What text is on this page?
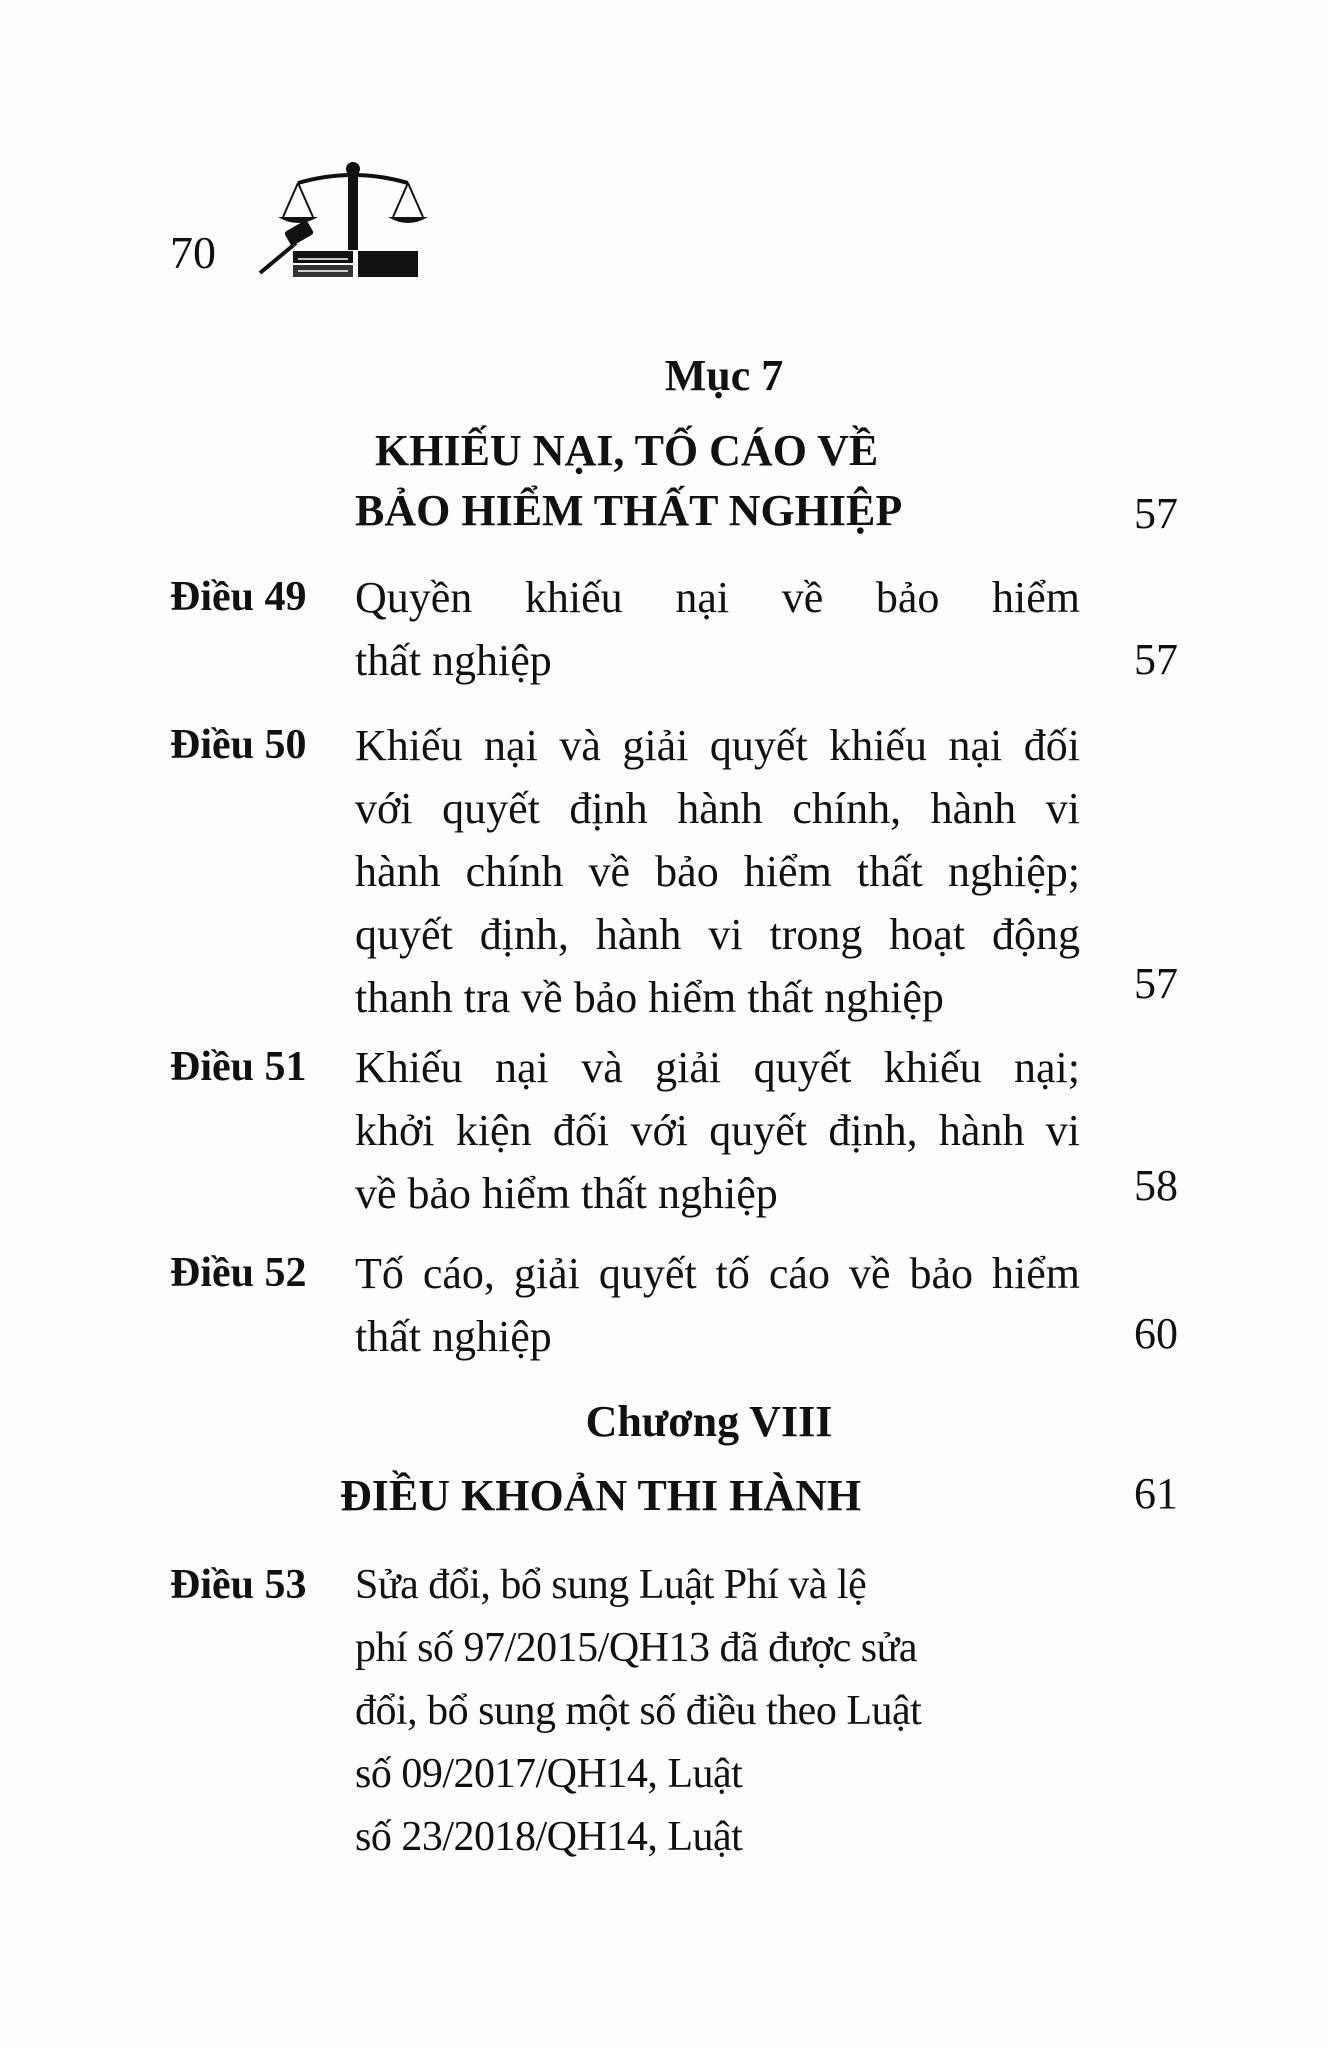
70
Mục 7
KHIẾU NẠI, TỐ CÁO VỀ
BẢO HIỂM THẤT NGHIỆP	57
Điều 49 Quyền khiếu nại về bảo hiểm
thất nghiệp	57
Điều 50 Khiếu nại và giải quyết khiếu nại đối
với quyết định hành chính, hành vi
hành chính về bảo hiểm thất nghiệp;
quyết định, hành vi trong hoạt động
thanh tra về bảo hiểm thất nghiệp	57
Điều 51 Khiếu nại và giải quyết khiếu nại;
khởi kiện đối với quyết định, hành vi
về bảo hiểm thất nghiệp	58
Điều 52 Tố cáo, giải quyết tố cáo về bảo hiểm
thất nghiệp	60
Chương VIII
ĐIỀU KHOẢN THI HÀNH	61
Điều 53 Sửa đổi, bổ sung Luật Phí và lệ
phí số 97/2015/QH13 đã được sửa
đổi, bổ sung một số điều theo Luật
số 09/2017/QH14, Luật
số 23/2018/QH14, Luật
